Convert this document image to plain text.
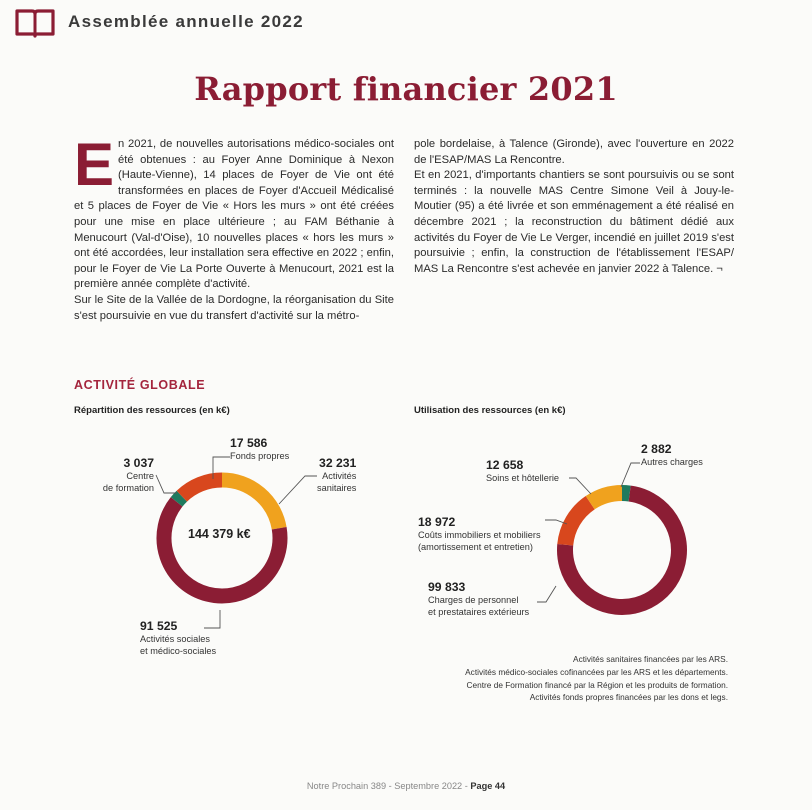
Assemblée annuelle 2022
Rapport financier 2021
E n 2021, de nouvelles autorisations médico-sociales ont été obtenues : au Foyer Anne Dominique à Nexon (Haute-Vienne), 14 places de Foyer de Vie ont été transformées en places de Foyer d'Accueil Médicalisé et 5 places de Foyer de Vie « Hors les murs » ont été créées pour une mise en place ultérieure ; au FAM Béthanie à Menucourt (Val-d'Oise), 10 nouvelles places « hors les murs » ont été accordées, leur installation sera effective en 2022 ; enfin, pour le Foyer de Vie La Porte Ouverte à Menucourt, 2021 est la première année complète d'activité.

Sur le Site de la Vallée de la Dordogne, la réorganisation du Site s'est poursuivie en vue du transfert d'activité sur la métro-

pole bordelaise, à Talence (Gironde), avec l'ouverture en 2022 de l'ESAP/MAS La Rencontre.

Et en 2021, d'importants chantiers se sont poursuivis ou se sont terminés : la nouvelle MAS Centre Simone Veil à Jouy-le-Moutier (95) a été livrée et son emménagement a été réalisé en décembre 2021 ; la reconstruction du bâtiment dédié aux activités du Foyer de Vie Le Verger, incendié en juillet 2019 s'est poursuivie ; enfin, la construction de l'établissement l'ESAP/ MAS La Rencontre s'est achevée en janvier 2022 à Talence. ¬

ACTIVITÉ GLOBALE
Répartition des ressources (en k€)	Utilisation des ressources (en k€)
3 037
Centre
de formation
17 586
Fonds propres 32 231
Activités
sanitaires
144 379 k€
91 525
Activités sociales
et médico-sociales
2 882
Autres charges
12 658
Soins et hôtellerie
18 972
Coûts immobiliers et mobiliers
(amortissement et entretien)
99 833
Charges de personnel
et prestataires extérieurs
Activités sanitaires financées par les ARS.
Activités médico-sociales cofinancées par les ARS et les départements.
Centre de Formation financé par la Région et les produits de formation.
Activités fonds propres financées par les dons et legs.
Notre Prochain 389 - Septembre 2022 - Page 44
